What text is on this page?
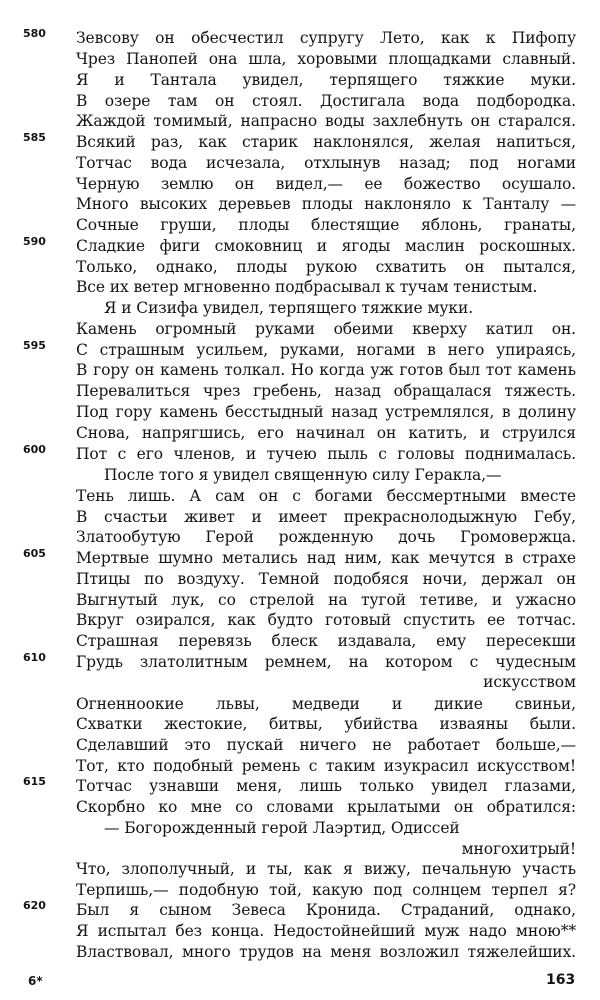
580
585
590
595
600
605
610
615
620
Зевсову он обесчестил супругу Лето, как к Пифопу
Чрез Панопей она шла, хоровыми площадками славный.
Я и Тантала увидел, терпящего тяжкие муки.
В озере там он стоял. Достигала вода подбородка.
Жаждой томимый, напрасно воды захлебнуть он старался.
Всякий раз, как старик наклонялся, желая напиться,
Тотчас вода исчезала, отхлынув назад; под ногами
Черную землю он видел,— ее божество осушало.
Много высоких деревьев плоды наклоняло к Танталу —
Сочные груши, плоды блестящие яблонь, гранаты,
Сладкие фиги смоковниц и ягоды маслин роскошных.
Только, однако, плоды рукою схватить он пытался,
Все их ветер мгновенно подбрасывал к тучам тенистым.
Я и Сизифа увидел, терпящего тяжкие муки.
Камень огромный руками обеими кверху катил он.
С страшным усильем, руками, ногами в него упираясь,
В гору он камень толкал. Но когда уж готов был тот камень
Перевалиться чрез гребень, назад обращалася тяжесть.
Под гору камень бесстыдный назад устремлялся, в долину
Снова, напрягшись, его начинал он катить, и струился
Пот с его членов, и тучею пыль с головы поднималась.
После того я увидел священную силу Геракла,—
Тень лишь. А сам он с богами бессмертными вместе
В счастьи живет и имеет прекраснолодыжную Гебу,
Златообутую Герой рожденную дочь Громовержца.
Мертвые шумно метались над ним, как мечутся в страхе
Птицы по воздуху. Темной подобяся ночи, держал он
Выгнутый лук, со стрелой на тугой тетиве, и ужасно
Вкруг озирался, как будто готовый спустить ее тотчас.
Страшная перевязь блеск издавала, ему пересекши
Грудь златолитным ремнем, на котором с чудесным
искусством
Огненноокие львы, медведи и дикие свиньи,
Схватки жестокие, битвы, убийства изваяны были.
Сделавший это пускай ничего не работает больше,—
Тот, кто подобный ремень с таким изукрасил искусством!
Тотчас узнавши меня, лишь только увидел глазами,
Скорбно ко мне со словами крылатыми он обратился:
— Богорожденный герой Лаэртид, Одиссей
многохитрый!
Что, злополучный, и ты, как я вижу, печальную участь
Терпишь,— подобную той, какую под солнцем терпел я?
Был я сыном Зевеса Кронида. Страданий, однако,
Я испытал без конца. Недостойнейший муж надо мною**
Властвовал, много трудов на меня возложил тяжелейших.
6*	163
